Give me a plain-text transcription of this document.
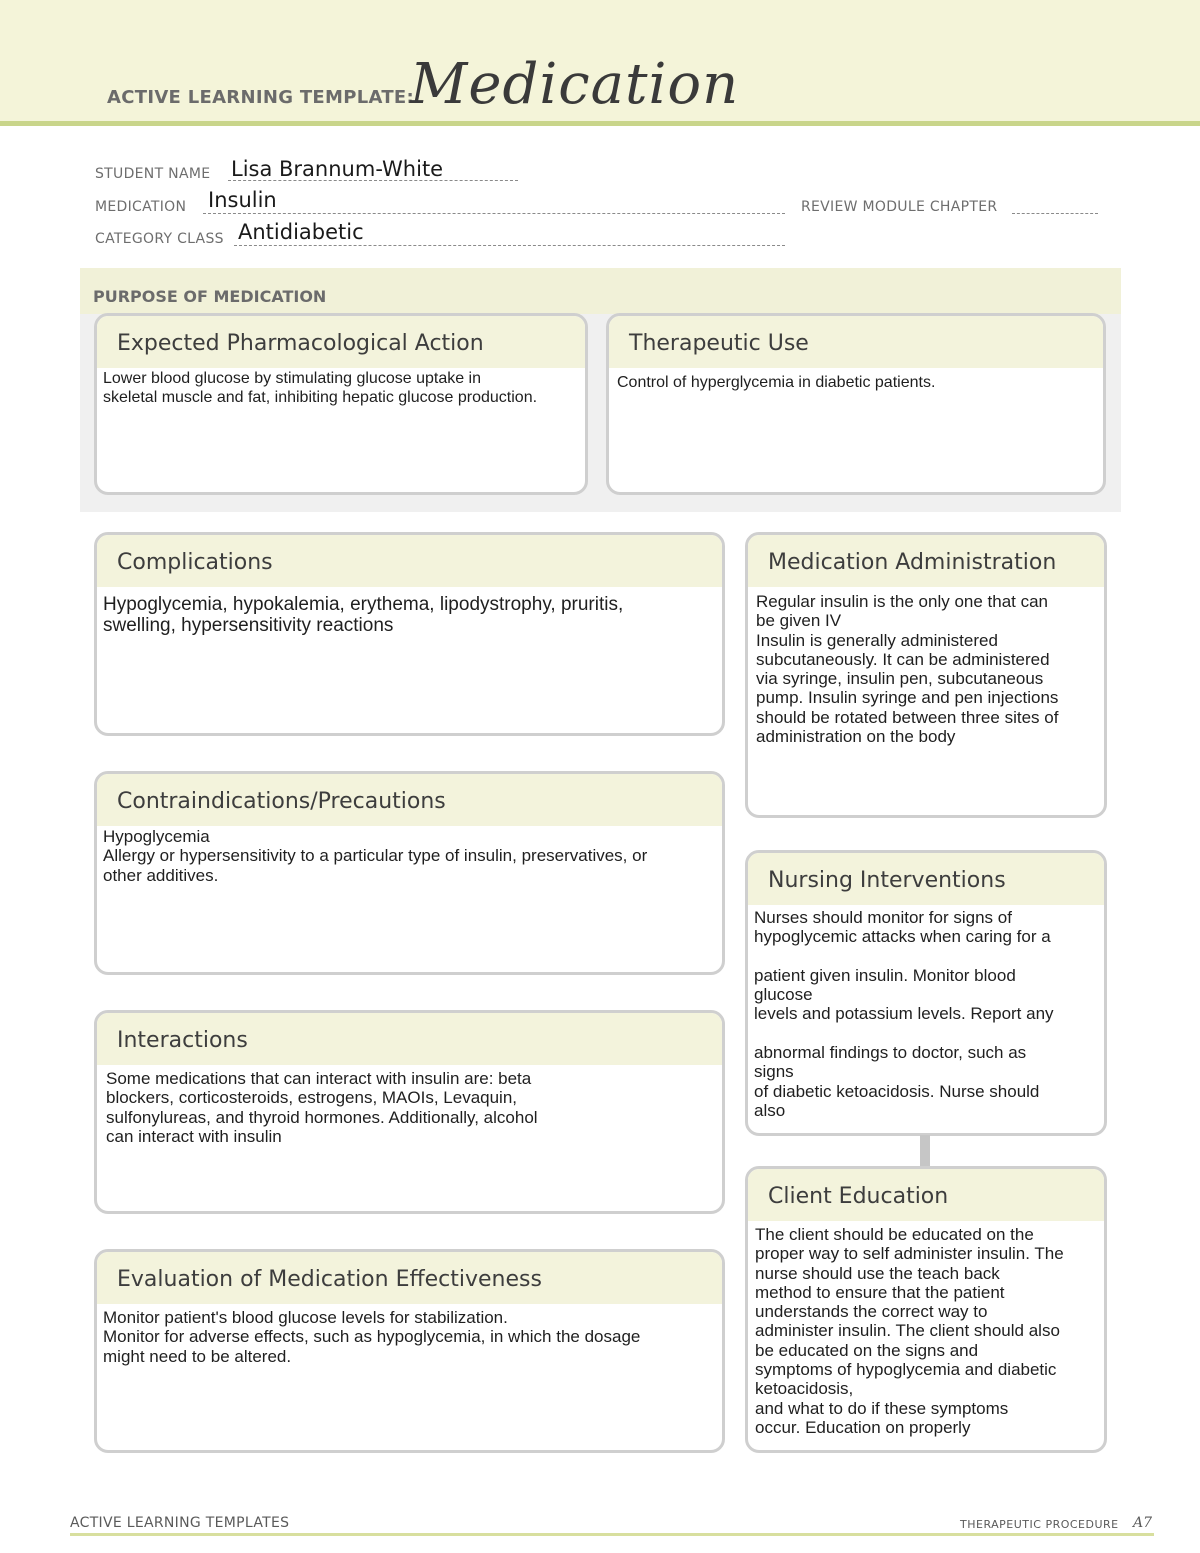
ACTIVE LEARNING TEMPLATE:
Medication
STUDENT NAME Lisa Brannum-White
MEDICATION Insulin	REVIEW MODULE CHAPTER
CATEGORY CLASS Antidiabetic
PURPOSE OF MEDICATION
Expected Pharmacological Action
Lower blood glucose by stimulating glucose uptake in
skeletal muscle and fat, inhibiting hepatic glucose production.
Therapeutic Use
Control of hyperglycemia in diabetic patients.
Complications
Hypoglycemia, hypokalemia, erythema, lipodystrophy, pruritis,
swelling, hypersensitivity reactions
Contraindications/Precautions
Hypoglycemia
Allergy or hypersensitivity to a particular type of insulin, preservatives, or
other additives.
Interactions
Some medications that can interact with insulin are: beta
blockers, corticosteroids, estrogens, MAOIs, Levaquin,
sulfonylureas, and thyroid hormones. Additionally, alcohol
can interact with insulin
Evaluation of Medication Effectiveness
Monitor patient's blood glucose levels for stabilization.
Monitor for adverse effects, such as hypoglycemia, in which the dosage
might need to be altered.
Medication Administration
Regular insulin is the only one that can
be given IV
Insulin is generally administered
subcutaneously. It can be administered
via syringe, insulin pen, subcutaneous
pump. Insulin syringe and pen injections
should be rotated between three sites of
administration on the body
Nursing Interventions
Nurses should monitor for signs of
hypoglycemic attacks when caring for a

patient given insulin. Monitor blood
glucose
levels and potassium levels. Report any

abnormal findings to doctor, such as
signs
of diabetic ketoacidosis. Nurse should
also
Client Education
The client should be educated on the
proper way to self administer insulin. The
nurse should use the teach back
method to ensure that the patient
understands the correct way to
administer insulin. The client should also
be educated on the signs and
symptoms of hypoglycemia and diabetic
ketoacidosis,
and what to do if these symptoms
occur. Education on properly
ACTIVE LEARNING TEMPLATES	THERAPEUTIC PROCEDURE A7
